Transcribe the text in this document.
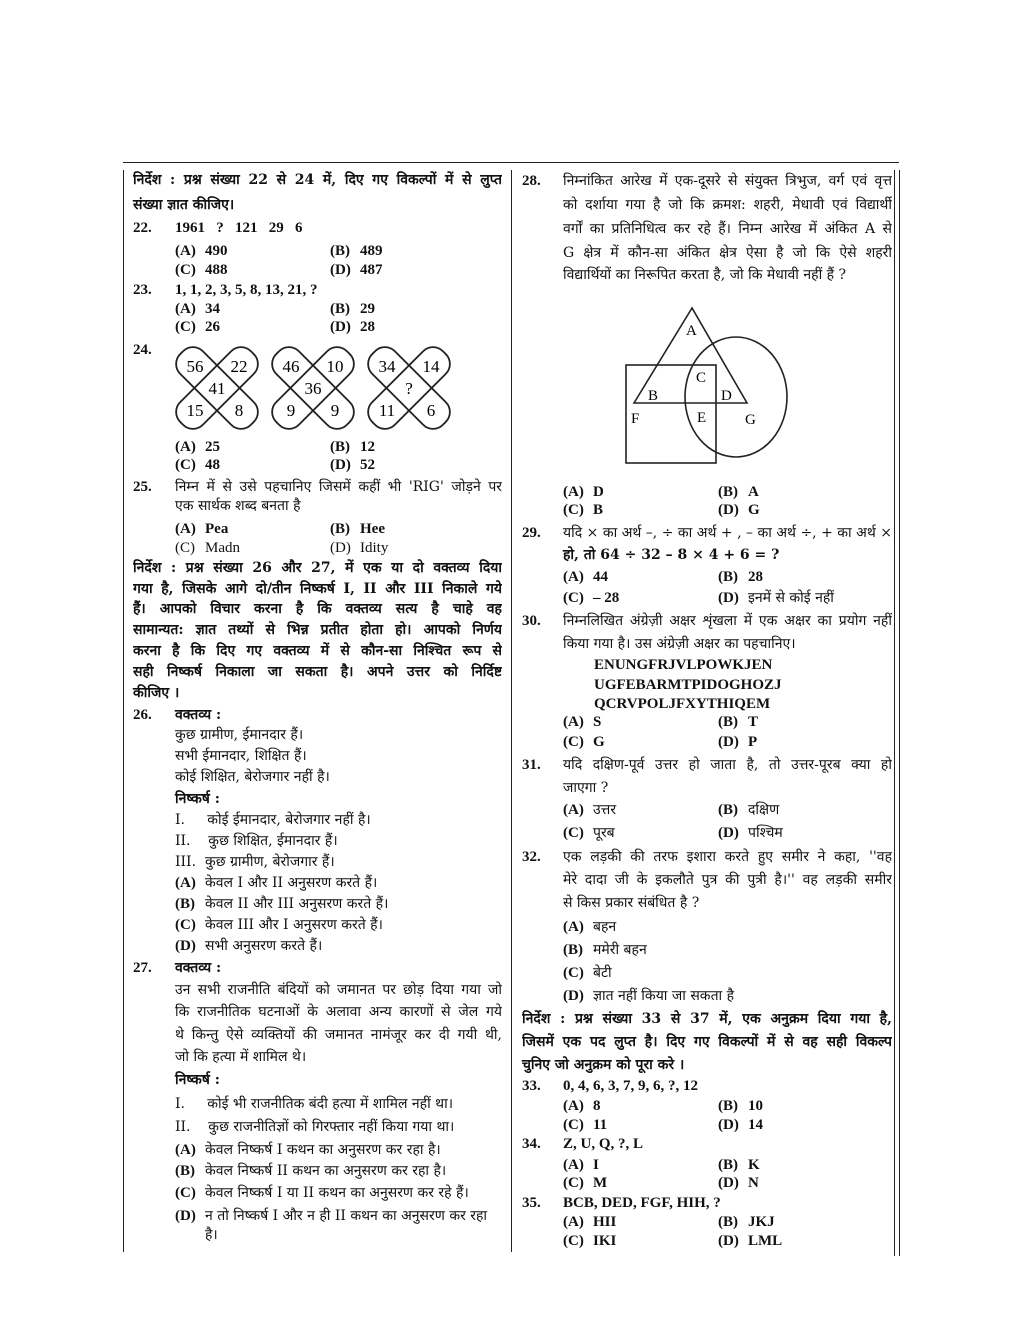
निर्देश : प्रश्न संख्या 22 से 24 में, दिए गए विकल्पों में से लुप्त
संख्या ज्ञात कीजिए।
22. 1961   ?   121   29   6
(A) 490	(B) 489
(C) 488	(D) 487
23. 1, 1, 2, 3, 5, 8, 13, 21, ?
(A) 34	(B) 29
(C) 26	(D) 28
24.
(A) 25	(B) 12
(C) 48	(D) 52
25. निम्न में से उसे पहचानिए जिसमें कहीं भी 'RIG' जोड़ने पर
एक सार्थक शब्द बनता है
(A) Pea	(B) Hee
(C) Madn	(D) Idity
निर्देश : प्रश्न संख्या 26 और 27, में एक या दो वक्तव्य दिया
गया है, जिसके आगे दो/तीन निष्कर्ष I, II और III निकाले गये
हैं। आपको विचार करना है कि वक्तव्य सत्य है चाहे वह
सामान्यत: ज्ञात तथ्यों से भिन्न प्रतीत होता हो। आपको निर्णय
करना है कि दिए गए वक्तव्य में से कौन-सा निश्चित रूप से
सही निष्कर्ष निकाला जा सकता है। अपने उत्तर को निर्दिष्ट
कीजिए ।
26. वक्तव्य :
कुछ ग्रामीण, ईमानदार हैं।
सभी ईमानदार, शिक्षित हैं।
कोई शिक्षित, बेरोजगार नहीं है।
निष्कर्ष :
I.     कोई ईमानदार, बेरोजगार नहीं है।
II.    कुछ शिक्षित, ईमानदार हैं।
III.  कुछ ग्रामीण, बेरोजगार हैं।
(A) केवल I और II अनुसरण करते हैं।
(B) केवल II और III अनुसरण करते हैं।
(C) केवल III और I अनुसरण करते हैं।
(D) सभी अनुसरण करते हैं।
27. वक्तव्य :
उन सभी राजनीति बंदियों को जमानत पर छोड़ दिया गया जो
कि राजनीतिक घटनाओं के अलावा अन्य कारणों से जेल गये
थे किन्तु ऐसे व्यक्तियों की जमानत नामंजूर कर दी गयी थी,
जो कि हत्या में शामिल थे।
निष्कर्ष :
I.     कोई भी राजनीतिक बंदी हत्या में शामिल नहीं था।
II.    कुछ राजनीतिज्ञों को गिरफ्तार नहीं किया गया था।
(A) केवल निष्कर्ष I कथन का अनुसरण कर रहा है।
(B) केवल निष्कर्ष II कथन का अनुसरण कर रहा है।
(C) केवल निष्कर्ष I या II कथन का अनुसरण कर रहे हैं।
(D) न तो निष्कर्ष I और न ही II कथन का अनुसरण कर रहा
है।
28. निम्नांकित आरेख में एक-दूसरे से संयुक्त त्रिभुज, वर्ग एवं वृत्त
को दर्शाया गया है जो कि क्रमश: शहरी, मेधावी एवं विद्यार्थी
वर्गों का प्रतिनिधित्व कर रहे हैं। निम्न आरेख में अंकित A से
G क्षेत्र में कौन-सा अंकित क्षेत्र ऐसा है जो कि ऐसे शहरी
विद्यार्थियों का निरूपित करता है, जो कि मेधावी नहीं हैं ?
(A) D	(B) A
(C) B	(D) G
29. यदि × का अर्थ –, ÷ का अर्थ + , – का अर्थ ÷, + का अर्थ ×
हो, तो 64 ÷ 32 – 8 × 4 + 6 = ?
(A) 44	(B) 28
(C) – 28	(D) इनमें से कोई नहीं
30. निम्नलिखित अंग्रेज़ी अक्षर शृंखला में एक अक्षर का प्रयोग नहीं
किया गया है। उस अंग्रेज़ी अक्षर का पहचानिए।
ENUNGFRJVLPOWKJEN
UGFEBARMTPIDOGHOZJ
QCRVPOLJFXYTHIQEM
(A) S	(B) T
(C) G	(D) P
31. यदि दक्षिण-पूर्व उत्तर हो जाता है, तो उत्तर-पूरब क्या हो
जाएगा ?
(A) उत्तर	(B) दक्षिण
(C) पूरब	(D) पश्चिम
32. एक लड़की की तरफ इशारा करते हुए समीर ने कहा, ''वह
मेरे दादा जी के इकलौते पुत्र की पुत्री है।'' वह लड़की समीर
से किस प्रकार संबंधित है ?
(A) बहन
(B) ममेरी बहन
(C) बेटी
(D) ज्ञात नहीं किया जा सकता है
निर्देश : प्रश्न संख्या 33 से 37 में, एक अनुक्रम दिया गया है,
जिसमें एक पद लुप्त है। दिए गए विकल्पों में से वह सही विकल्प
चुनिए जो अनुक्रम को पूरा करे ।
33. 0, 4, 6, 3, 7, 9, 6, ?, 12
(A) 8	(B) 10
(C) 11	(D) 14
34. Z, U, Q, ?, L
(A) I	(B) K
(C) M	(D) N
35. BCB, DED, FGF, HIH, ?
(A) HII	(B) JKJ
(C) IKI	(D) LML
56 22
41
15 8
46 10
36
9 9
34 14
?
11 6
A
B
C
D
E
F	G
